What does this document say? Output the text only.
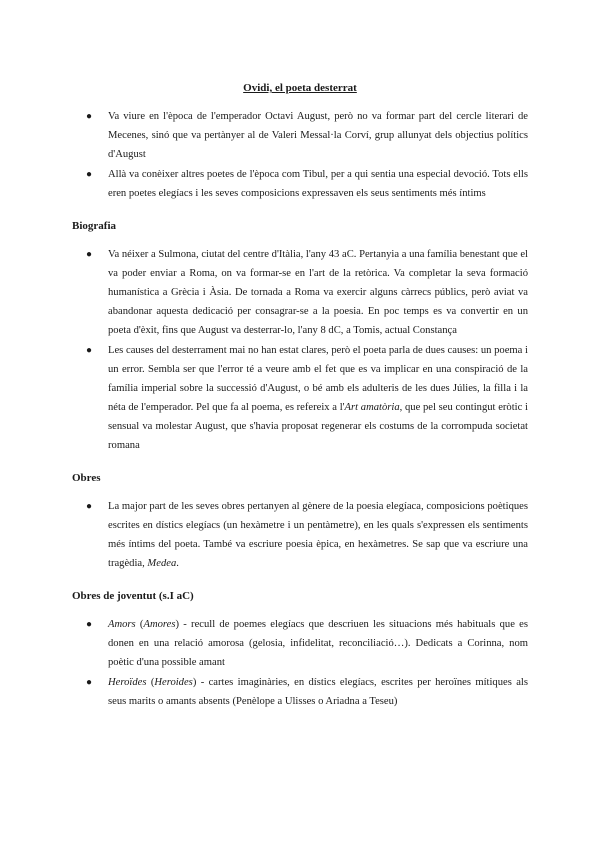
Ovidi, el poeta desterrat
● Va viure en l'època de l'emperador Octavi August, però no va formar part del cercle literari de Mecenes, sinó que va pertànyer al de Valeri Messal·la Corví, grup allunyat dels objectius polítics d'August
● Allà va conèixer altres poetes de l'època com Tibul, per a qui sentia una especial devoció. Tots ells eren poetes elegíacs i les seves composicions expressaven els seus sentiments més íntims
Biografia
● Va néixer a Sulmona, ciutat del centre d'Itàlia, l'any 43 aC. Pertanyia a una família benestant que el va poder enviar a Roma, on va formar-se en l'art de la retòrica. Va completar la seva formació humanística a Grècia i Àsia. De tornada a Roma va exercir alguns càrrecs públics, però aviat va abandonar aquesta dedicació per consagrar-se a la poesia. En poc temps es va convertir en un poeta d'èxit, fins que August va desterrar-lo, l'any 8 dC, a Tomis, actual Constança
● Les causes del desterrament mai no han estat clares, però el poeta parla de dues causes: un poema i un error. Sembla ser que l'error té a veure amb el fet que es va implicar en una conspiració de la família imperial sobre la successió d'August, o bé amb els adulteris de les dues Júlies, la filla i la néta de l'emperador. Pel que fa al poema, es refereix a l'Art amatòria, que pel seu contingut eròtic i sensual va molestar August, que s'havia proposat regenerar els costums de la corrompuda societat romana
Obres
● La major part de les seves obres pertanyen al gènere de la poesia elegíaca, composicions poètiques escrites en dístics elegíacs (un hexàmetre i un pentàmetre), en les quals s'expressen els sentiments més íntims del poeta. També va escriure poesia èpica, en hexàmetres. Se sap que va escriure una tragèdia, Medea.
Obres de joventut (s.I aC)
● Amors (Amores) - recull de poemes elegíacs que descriuen les situacions més habituals que es donen en una relació amorosa (gelosia, infidelitat, reconciliació…). Dedicats a Corinna, nom poètic d'una possible amant
● Heroïdes (Heroides) - cartes imaginàries, en dístics elegíacs, escrites per heroïnes mítiques als seus marits o amants absents (Penèlope a Ulisses o Ariadna a Teseu)
